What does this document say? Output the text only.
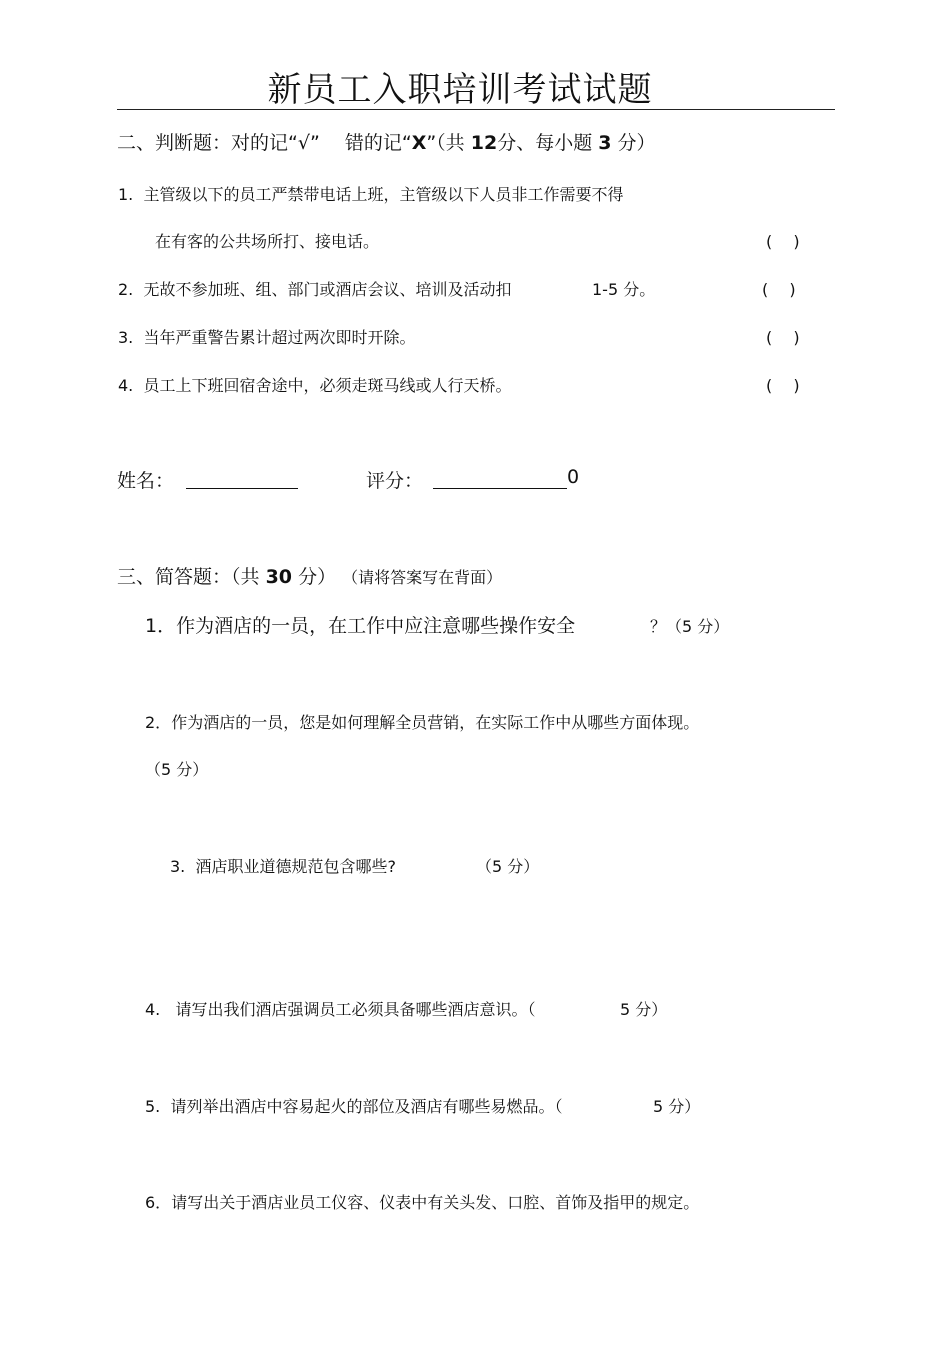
新员工入职培训考试试题
二、判断题：对的记“√”　 错的记“X”（共 12分、每小题 3 分）
1. 主管级以下的员工严禁带电话上班，主管级以下人员非工作需要不得
在有客的公共场所打、接电话。	(　 )
2. 无故不参加班、组、部门或酒店会议、培训及活动扣	1-5 分。	(　 )
3. 当年严重警告累计超过两次即时开除。	(　 )
4. 员工上下班回宿舍途中，必须走斑马线或人行天桥。	(　 )
姓名：	评分：	0
三、简答题：（共 30 分） （请将答案写在背面）
1．作为酒店的一员，在工作中应注意哪些操作安全	？（5 分）
2．作为酒店的一员，您是如何理解全员营销，在实际工作中从哪些方面体现。
（5 分）
3. 酒店职业道德规范包含哪些?	（5 分）
4. 请写出我们酒店强调员工必须具备哪些酒店意识。（	5 分）
5. 请列举出酒店中容易起火的部位及酒店有哪些易燃品。（	5 分）
6．请写出关于酒店业员工仪容、仪表中有关头发、口腔、首饰及指甲的规定。
